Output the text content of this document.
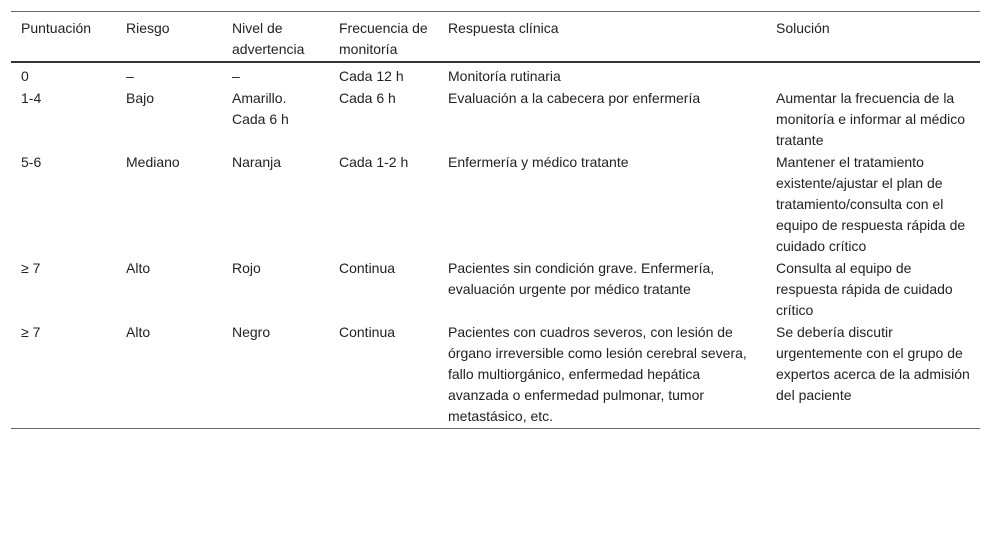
Puntuación	Riesgo	Nivel de advertencia	Frecuencia de monitoría	Respuesta clínica	Solución
0	–	–	Cada 12 h	Monitoría rutinaria	
1-4	Bajo	Amarillo. Cada 6 h	Cada 6 h	Evaluación a la cabecera por enfermería	Aumentar la frecuencia de la monitoría e informar al médico tratante
5-6	Mediano	Naranja	Cada 1-2 h	Enfermería y médico tratante	Mantener el tratamiento existente/ajustar el plan de tratamiento/consulta con el equipo de respuesta rápida de cuidado crítico
≥ 7	Alto	Rojo	Continua	Pacientes sin condición grave. Enfermería, evaluación urgente por médico tratante	Consulta al equipo de respuesta rápida de cuidado crítico
≥ 7	Alto	Negro	Continua	Pacientes con cuadros severos, con lesión de órgano irreversible como lesión cerebral severa, fallo multiorgánico, enfermedad hepática avanzada o enfermedad pulmonar, tumor metastásico, etc.	Se debería discutir urgentemente con el grupo de expertos acerca de la admisión del paciente
